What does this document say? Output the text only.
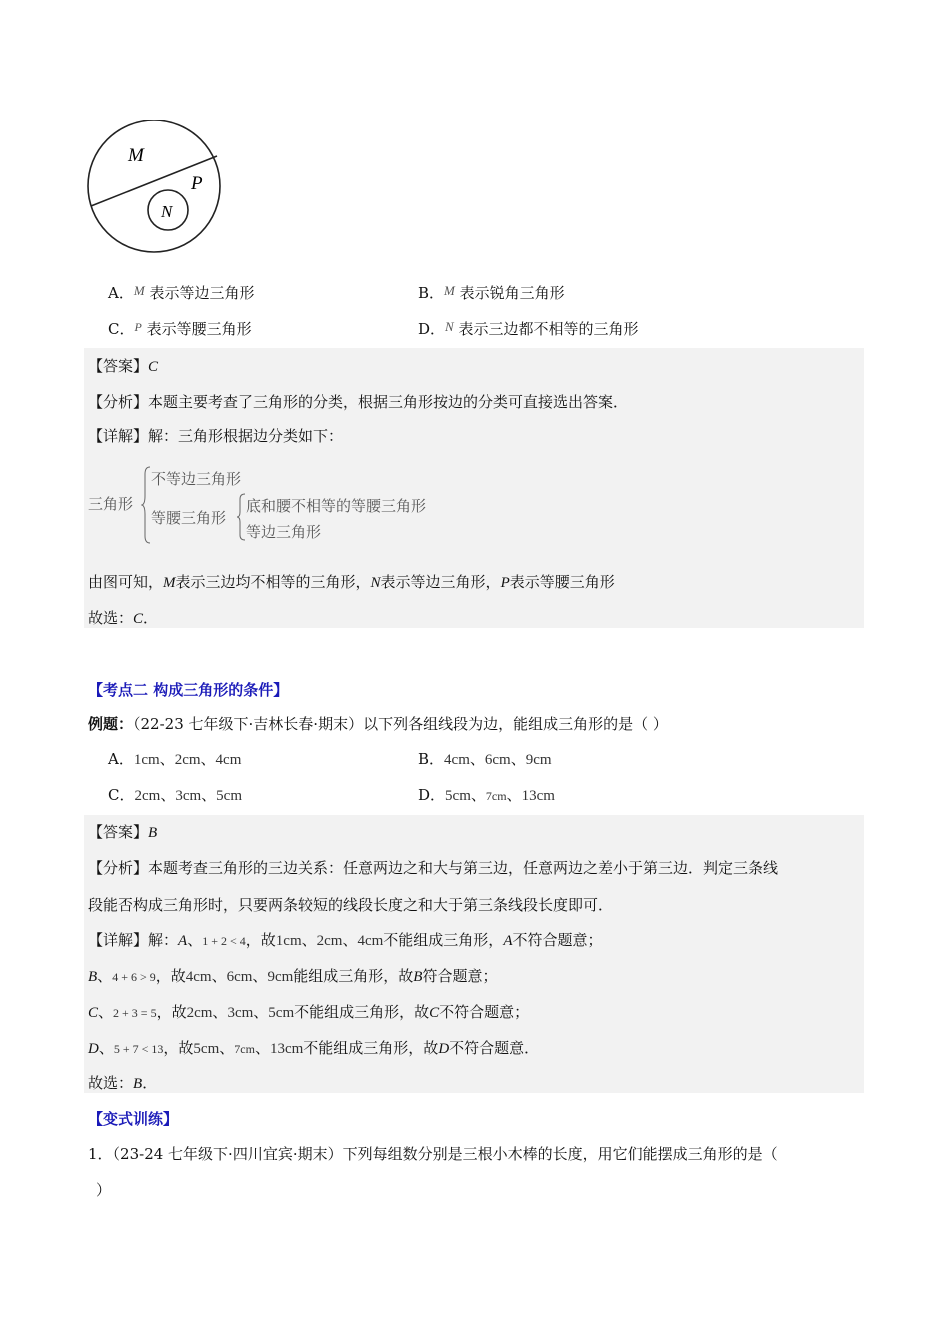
M
P
N
A．M 表示等边三角形	B．M 表示锐角三角形
C．$^P$ 表示等腰三角形	D．N 表示三边都不相等的三角形
【答案】C
【分析】本题主要考查了三角形的分类，根据三角形按边的分类可直接选出答案．
【详解】解：三角形根据边分类如下：
三角形
不等边三角形
等腰三角形
底和腰不相等的等腰三角形
等边三角形
由图可知，M表示三边均不相等的三角形，N表示等边三角形，P表示等腰三角形
故选：C．
【考点二 构成三角形的条件】
例题：（22-23 七年级下·吉林长春·期末）以下列各组线段为边，能组成三角形的是（ ）
A．1cm、2cm、4cm	B．4cm、6cm、9cm
C．2cm、3cm、5cm	D．5cm、7cm、13cm
【答案】B
【分析】本题考查三角形的三边关系：任意两边之和大与第三边，任意两边之差小于第三边．判定三条线
段能否构成三角形时，只要两条较短的线段长度之和大于第三条线段长度即可．
【详解】解：A、1 + 2 < 4，故1cm、2cm、4cm不能组成三角形，A不符合题意；
B、4 + 6 > 9，故4cm、6cm、9cm能组成三角形，故B符合题意；
C、2 + 3 = 5，故2cm、3cm、5cm不能组成三角形，故C不符合题意；
D、5 + 7 < 13，故5cm、7cm、13cm不能组成三角形，故D不符合题意．
故选：B．
【变式训练】
1．（23-24 七年级下·四川宜宾·期末）下列每组数分别是三根小木棒的长度，用它们能摆成三角形的是（
）
